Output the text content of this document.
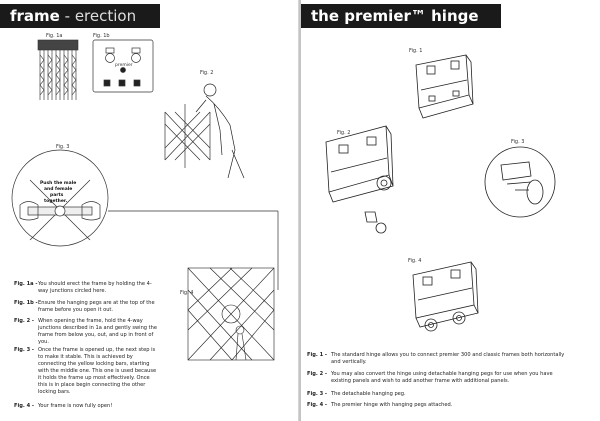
frame - erection
Fig. 1a	Fig. 1b
Fig. 2
Fig. 3
Fig. 4
premier
Push the male and female parts together.
Fig. 1a -You should erect the frame by holding the 4-way junctions circled here.
Fig. 1b -Ensure the hanging pegs are at the top of the frame before you open it out.
Fig. 2 - When opening the frame, hold the 4-way junctions described in 1a and gently swing the frame from below you, out, and up in front of you.
Fig. 3 - Once the frame is opened up, the next step is to make it stable. This is achieved by connecting the yellow locking bars, starting with the middle one. This one is used because it holds the frame up most effectively. Once this is in place begin connecting the other locking bars.
Fig. 4 - Your frame is now fully open!
the premier™ hinge
Fig. 1
Fig. 2
Fig. 3
Fig. 4
Fig. 1 - The standard hinge allows you to connect premier 300 and classic frames both horizontally and vertically.
Fig. 2 - You may also convert the hinge using detachable hanging pegs for use when you have existing panels and wish to add another frame with additional panels.
Fig. 3 - The detachable hanging peg.
Fig. 4 - The premier hinge with hanging pegs attached.
